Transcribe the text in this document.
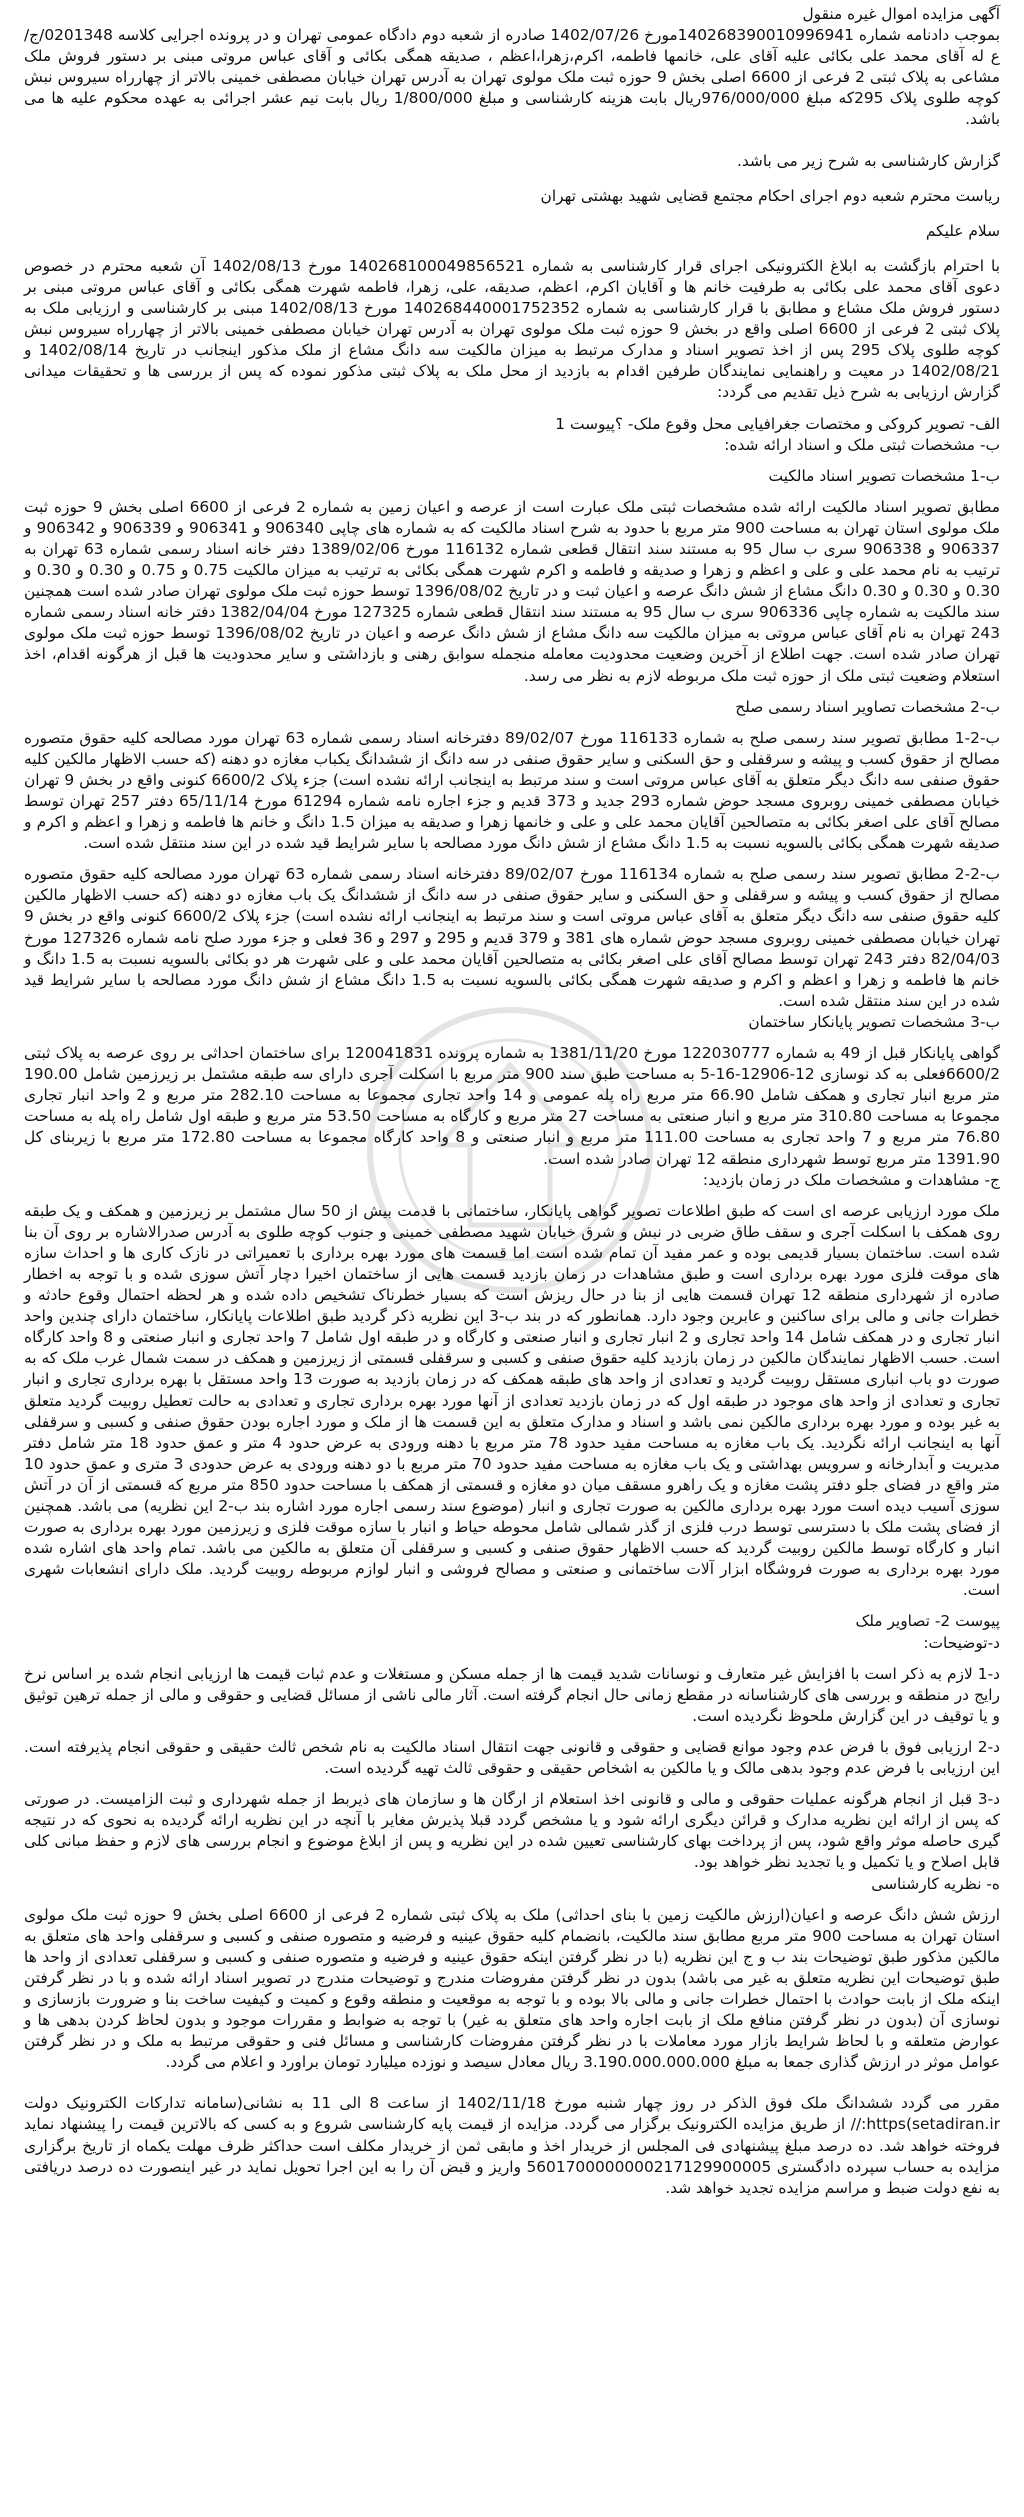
آگهی مزایده اموال غیره منقول

بموجب دادنامه شماره 140268390010996941مورخ 1402/07/26 صادره از شعبه دوم دادگاه عمومی تهران و در پرونده اجرایی کلاسه 0201348/ج/ع له آقای محمد علی بکائی علیه آقای علی، خانمها فاطمه، اکرم،زهرا،اعظم ، صدیقه همگی بکائی و آقای عباس مروتی مبنی بر دستور فروش ملک مشاعی به پلاک ثبتی 2 فرعی از 6600 اصلی بخش 9 حوزه ثبت ملک مولوی تهران به آدرس تهران خیابان مصطفی خمینی بالاتر از چهارراه سیروس نبش کوچه طلوی پلاک 295که مبلغ 976/000/000ریال بابت هزینه کارشناسی و مبلغ 1/800/000 ریال بابت نیم عشر اجرائی به عهده محکوم علیه ها می باشد.

گزارش کارشناسی به شرح زیر می باشد.

ریاست محترم شعبه دوم اجرای احکام مجتمع قضایی شهید بهشتی تهران

سلام علیکم

با احترام بازگشت به ابلاغ الکترونیکی اجرای قرار کارشناسی به شماره 140268100049856521 مورخ 1402/08/13 آن شعبه محترم در خصوص دعوی آقای محمد علی بکائی به طرفیت خانم ها و آقایان اکرم، اعظم، صدیقه، علی، زهرا، فاطمه شهرت همگی بکائی و آقای عباس مروتی مبنی بر دستور فروش ملک مشاع و مطابق با قرار کارشناسی به شماره 140268440001752352 مورخ 1402/08/13 مبنی بر کارشناسی و ارزیابی ملک به پلاک ثبتی 2 فرعی از 6600 اصلی واقع در بخش 9 حوزه ثبت ملک مولوی تهران به آدرس تهران خیابان مصطفی خمینی بالاتر از چهارراه سیروس نبش کوچه طلوی پلاک 295 پس از اخذ تصویر اسناد و مدارک مرتبط به میزان مالکیت سه دانگ مشاع از ملک مذکور اینجانب در تاریخ 1402/08/14 و 1402/08/21 در معیت و راهنمایی نمایندگان طرفین اقدام به بازدید از محل ملک به پلاک ثبتی مذکور نموده که پس از بررسی ها و تحقیقات میدانی گزارش ارزیابی به شرح ذیل تقدیم می گردد:

الف- تصویر کروکی و مختصات جغرافیایی محل وقوع ملک- ؟پیوست 1

ب- مشخصات ثبتی ملک و اسناد ارائه شده:

ب-1 مشخصات تصویر اسناد مالکیت

مطابق تصویر اسناد مالکیت ارائه شده مشخصات ثبتی ملک عبارت است از عرصه و اعیان زمین به شماره 2 فرعی از 6600 اصلی بخش 9 حوزه ثبت ملک مولوی استان تهران به مساحت 900 متر مربع با حدود به شرح اسناد مالکیت که به شماره های چاپی 906340 و 906341 و 906339 و 906342 و 906337 و 906338 سری ب سال 95 به مستند سند انتقال قطعی شماره 116132 مورخ 1389/02/06 دفتر خانه اسناد رسمی شماره 63 تهران به ترتیب به نام محمد علی و علی و اعظم و زهرا و صدیقه و فاطمه و اکرم شهرت همگی بکائی به ترتیب به میزان مالکیت 0.75 و 0.75 و 0.30 و 0.30 و 0.30 و 0.30 و 0.30 دانگ مشاع از شش دانگ عرصه و اعیان ثبت و در تاریخ 1396/08/02 توسط حوزه ثبت ملک مولوی تهران صادر شده است همچنین سند مالکیت به شماره چاپی 906336 سری ب سال 95 به مستند سند انتقال قطعی شماره 127325 مورخ 1382/04/04 دفتر خانه اسناد رسمی شماره 243 تهران به نام آقای عباس مروتی به میزان مالکیت سه دانگ مشاع از شش دانگ عرصه و اعیان در تاریخ 1396/08/02 توسط حوزه ثبت ملک مولوی تهران صادر شده است. جهت اطلاع از آخرین وضعیت محدودیت معامله منجمله سوابق رهنی و بازداشتی و سایر محدودیت ها قبل از هرگونه اقدام، اخذ استعلام وضعیت ثبتی ملک از حوزه ثبت ملک مربوطه لازم به نظر می رسد.

ب-2 مشخصات تصاویر اسناد رسمی صلح

ب-2-1 مطابق تصویر سند رسمی صلح به شماره 116133 مورخ 89/02/07 دفترخانه اسناد رسمی شماره 63 تهران مورد مصالحه کلیه حقوق متصوره مصالح از حقوق کسب و پیشه و سرقفلی و حق السکنی و سایر حقوق صنفی در سه دانگ از ششدانگ یکباب مغازه دو دهنه (که حسب الاظهار مالکین کلیه حقوق صنفی سه دانگ دیگر متعلق به آقای عباس مروتی است و سند مرتبط به اینجانب ارائه نشده است) جزء پلاک 6600/2 کنونی واقع در بخش 9 تهران خیابان مصطفی خمینی روبروی مسجد حوض شماره 293 جدید و 373 قدیم و جزء اجاره نامه شماره 61294 مورخ 65/11/14 دفتر 257 تهران توسط مصالح آقای علی اصغر بکائی به متصالحین آقایان محمد علی و علی و خانمها زهرا و صدیقه به میزان 1.5 دانگ و خانم ها فاطمه و زهرا و اعظم و اکرم و صدیقه شهرت همگی بکائی بالسویه نسبت به 1.5 دانگ مشاع از شش دانگ مورد مصالحه با سایر شرایط قید شده در این سند منتقل شده است.

ب-2-2 مطابق تصویر سند رسمی صلح به شماره 116134 مورخ 89/02/07 دفترخانه اسناد رسمی شماره 63 تهران مورد مصالحه کلیه حقوق متصوره مصالح از حقوق کسب و پیشه و سرقفلی و حق السکنی و سایر حقوق صنفی در سه دانگ از ششدانگ یک باب مغازه دو دهنه (که حسب الاظهار مالکین کلیه حقوق صنفی سه دانگ دیگر متعلق به آقای عباس مروتی است و سند مرتبط به اینجانب ارائه نشده است) جزء پلاک 6600/2 کنونی واقع در بخش 9 تهران خیابان مصطفی خمینی روبروی مسجد حوض شماره های 381 و 379 قدیم و 295 و 297 و 36 فعلی و جزء مورد صلح نامه شماره 127326 مورخ 82/04/03 دفتر 243 تهران توسط مصالح آقای علی اصغر بکائی به متصالحین آقایان محمد علی و علی شهرت هر دو بکائی بالسویه نسبت به 1.5 دانگ و خانم ها فاطمه و زهرا و اعظم و اکرم و صدیقه شهرت همگی بکائی بالسویه نسبت به 1.5 دانگ مشاع از شش دانگ مورد مصالحه با سایر شرایط قید شده در این سند منتقل شده است.

ب-3 مشخصات تصویر پایانکار ساختمان

گواهی پایانکار قبل از 49 به شماره 122030777 مورخ 1381/11/20 به شماره پرونده 120041831 برای ساختمان احداثی بر روی عرصه به پلاک ثبتی 6600/2فعلی به کد نوسازی 12-12906-16-5 به مساحت طبق سند 900 متر مربع با اسکلت آجری دارای سه طبقه مشتمل بر زیرزمین شامل 190.00 متر مربع انبار تجاری و همکف شامل 66.90 متر مربع راه پله عمومی و 14 واحد تجاری مجموعا به مساحت 282.10 متر مربع و 2 واحد انبار تجاری مجموعا به مساحت 310.80 متر مربع و انبار صنعتی به مساحت 27 متر مربع و کارگاه به مساحت 53.50 متر مربع و طبقه اول شامل راه پله به مساحت 76.80 متر مربع و 7 واحد تجاری به مساحت 111.00 متر مربع و انبار صنعتی و 8 واحد کارگاه مجموعا به مساحت 172.80 متر مربع با زیربنای کل 1391.90 متر مربع توسط شهرداری منطقه 12 تهران صادر شده است.

ج- مشاهدات و مشخصات ملک در زمان بازدید:

ملک مورد ارزیابی عرصه ای است که طبق اطلاعات تصویر گواهی پایانکار، ساختمانی با قدمت بیش از 50 سال مشتمل بر زیرزمین و همکف و یک طبقه روی همکف با اسکلت آجری و سقف طاق ضربی در نبش و شرق خیابان شهید مصطفی خمینی و جنوب کوچه طلوی به آدرس صدرالاشاره بر روی آن بنا شده است. ساختمان بسیار قدیمی بوده و عمر مفید آن تمام شده است اما قسمت های مورد بهره برداری با تعمیراتی در نازک کاری ها و احداث سازه های موقت فلزی مورد بهره برداری است و طبق مشاهدات در زمان بازدید قسمت هایی از ساختمان اخیرا دچار آتش سوزی شده و با توجه به اخطار صادره از شهرداری منطقه 12 تهران قسمت هایی از بنا در حال ریزش است که بسیار خطرناک تشخیص داده شده و هر لحظه احتمال وقوع حادثه و خطرات جانی و مالی برای ساکنین و عابرین وجود دارد. همانطور که در بند ب-3 این نظریه ذکر گردید طبق اطلاعات پایانکار، ساختمان دارای چندین واحد انبار تجاری و در همکف شامل 14 واحد تجاری و 2 انبار تجاری و انبار صنعتی و کارگاه و در طبقه اول شامل 7 واحد تجاری و انبار صنعتی و 8 واحد کارگاه است. حسب الاظهار نمایندگان مالکین در زمان بازدید کلیه حقوق صنفی و کسبی و سرقفلی قسمتی از زیرزمین و همکف در سمت شمال غرب ملک که به صورت دو باب انباری مستقل روبیت گردید و تعدادی از واحد های طبقه همکف که در زمان بازدید به صورت 13 واحد مستقل با بهره برداری تجاری و انبار تجاری و تعدادی از واحد های موجود در طبقه اول که در زمان بازدید تعدادی از آنها مورد بهره برداری تجاری و تعدادی به حالت تعطیل روبیت گردید متعلق به غیر بوده و مورد بهره برداری مالکین نمی باشد و اسناد و مدارک متعلق به این قسمت ها از ملک و مورد اجاره بودن حقوق صنفی و کسبی و سرقفلی آنها به اینجانب ارائه نگردید. یک باب مغازه به مساحت مفید حدود 78 متر مربع با دهنه ورودی به عرض حدود 4 متر و عمق حدود 18 متر شامل دفتر مدیریت و آبدارخانه و سرویس بهداشتی و یک باب مغازه به مساحت مفید حدود 70 متر مربع با دو دهنه ورودی به عرض حدودی 3 متری و عمق حدود 10 متر واقع در فضای جلو دفتر پشت مغازه و یک راهرو مسقف میان دو مغازه و قسمتی از همکف با مساحت حدود 850 متر مربع که قسمتی از آن در آتش سوزی آسیب دیده است مورد بهره برداری مالکین به صورت تجاری و انبار (موضوع سند رسمی اجاره مورد اشاره بند ب-2 این نظریه) می باشد. همچنین از فضای پشت ملک با دسترسی توسط درب فلزی از گذر شمالی شامل محوطه حیاط و انبار با سازه موقت فلزی و زیرزمین مورد بهره برداری به صورت انبار و کارگاه توسط مالکین روبیت گردید که حسب الاظهار حقوق صنفی و کسبی و سرقفلی آن متعلق به مالکین می باشد. تمام واحد های اشاره شده مورد بهره برداری به صورت فروشگاه ابزار آلات ساختمانی و صنعتی و مصالح فروشی و انبار لوازم مربوطه روبیت گردید. ملک دارای انشعابات شهری است.

پیوست 2- تصاویر ملک

د-توضیحات:

د-1 لازم به ذکر است با افزایش غیر متعارف و نوسانات شدید قیمت ها از جمله مسکن و مستغلات و عدم ثبات قیمت ها ارزیابی انجام شده بر اساس نرخ رایج در منطقه و بررسی های کارشناسانه در مقطع زمانی حال انجام گرفته است. آثار مالی ناشی از مسائل قضایی و حقوقی و مالی از جمله ترهین توثیق و یا توقیف در این گزارش ملحوظ نگردیده است.

د-2 ارزیابی فوق با فرض عدم وجود موانع قضایی و حقوقی و قانونی جهت انتقال اسناد مالکیت به نام شخص ثالث حقیقی و حقوقی انجام پذیرفته است. این ارزیابی با فرض عدم وجود بدهی مالک و یا مالکین به اشخاص حقیقی و حقوقی ثالث تهیه گردیده است.

د-3 قبل از انجام هرگونه عملیات حقوقی و مالی و قانونی اخذ استعلام از ارگان ها و سازمان های ذیربط از جمله شهرداری و ثبت الزامیست. در صورتی که پس از ارائه این نظریه مدارک و قرائن دیگری ارائه شود و یا مشخص گردد قبلا پذیرش مغایر با آنچه در این نظریه ارائه گردیده به نحوی که در نتیجه گیری حاصله موثر واقع شود، پس از پرداخت بهای کارشناسی تعیین شده در این نظریه و پس از ابلاغ موضوع و انجام بررسی های لازم و حفظ مبانی کلی قابل اصلاح و یا تکمیل و یا تجدید نظر خواهد بود.

ه- نظریه کارشناسی

ارزش شش دانگ عرصه و اعیان(ارزش مالکیت زمین با بنای احداثی) ملک به پلاک ثبتی شماره 2 فرعی از 6600 اصلی بخش 9 حوزه ثبت ملک مولوی استان تهران به مساحت 900 متر مربع مطابق سند مالکیت، بانضمام کلیه حقوق عینیه و فرضیه و متصوره صنفی و کسبی و سرقفلی واحد های متعلق به مالکین مذکور طبق توضیحات بند ب و ج این نظریه (با در نظر گرفتن اینکه حقوق عینیه و فرضیه و متصوره صنفی و کسبی و سرقفلی تعدادی از واحد ها طبق توضیحات این نظریه متعلق به غیر می باشد) بدون در نظر گرفتن مفروضات مندرج و توضیحات مندرج در تصویر اسناد ارائه شده و با در نظر گرفتن اینکه ملک از بابت حوادث با احتمال خطرات جانی و مالی بالا بوده و با توجه به موقعیت و منطقه وقوع و کمیت و کیفیت ساخت بنا و ضرورت بازسازی و نوسازی آن (بدون در نظر گرفتن منافع ملک از بابت اجاره واحد های متعلق به غیر) با توجه به ضوابط و مقررات موجود و بدون لحاظ کردن بدهی ها و عوارض متعلقه و با لحاظ شرایط بازار مورد معاملات با در نظر گرفتن مفروضات کارشناسی و مسائل فنی و حقوقی مرتبط به ملک و در نظر گرفتن عوامل موثر در ارزش گذاری جمعا به مبلغ 3.190.000.000.000 ریال معادل سیصد و نوزده میلیارد تومان براورد و اعلام می گردد.

مقرر می گردد ششدانگ ملک فوق الذکر در روز چهار شنبه مورخ 1402/11/18 از ساعت 8 الی 11 به نشانی(سامانه تدارکات الکترونیک دولت setadiran.ir)https:// از طریق مزایده الکترونیک برگزار می گردد. مزایده از قیمت پایه کارشناسی شروع و به کسی که بالاترین قیمت را پیشنهاد نماید فروخته خواهد شد. ده درصد مبلغ پیشنهادی فی المجلس از خریدار اخذ و مابقی ثمن از خریدار مکلف است حداکثر ظرف مهلت یکماه از تاریخ برگزاری مزایده به حساب سپرده دادگستری 5601700000000217129900005 واریز و قبض آن را به این اجرا تحویل نماید در غیر اینصورت ده درصد دریافتی به نفع دولت ضبط و مراسم مزایده تجدید خواهد شد.
